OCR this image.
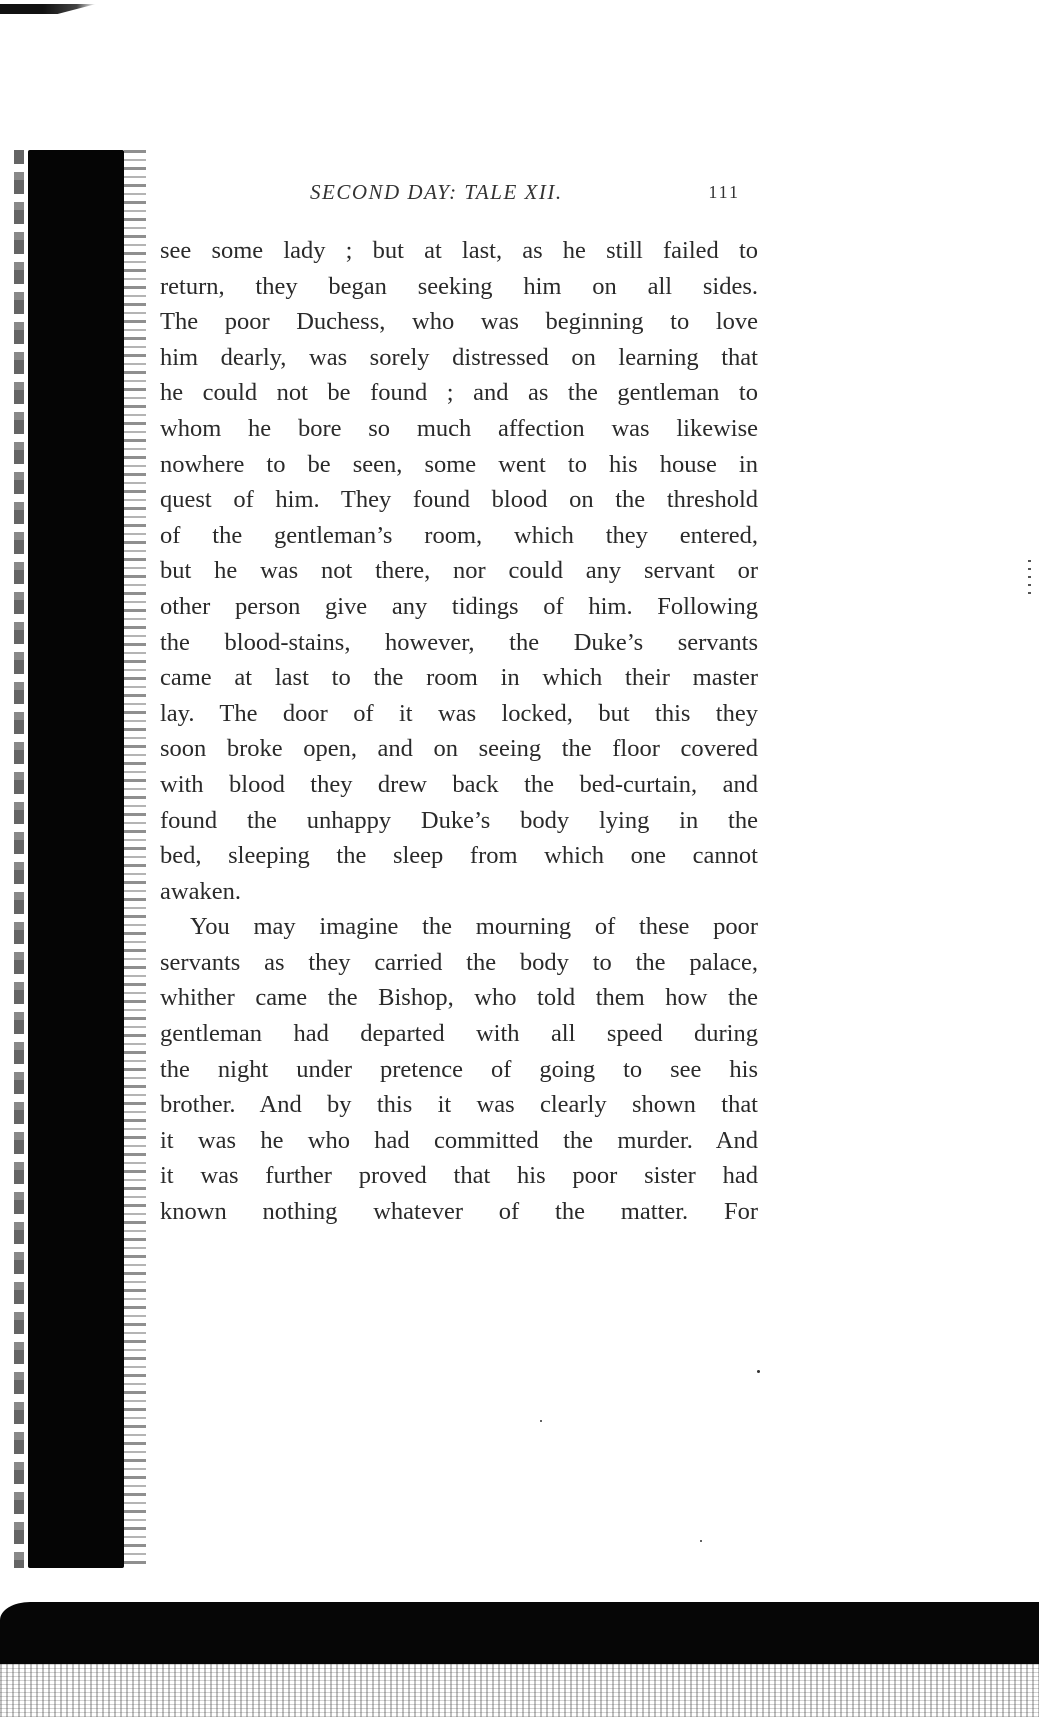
SECOND DAY: TALE XII.	111

see some lady ; but at last, as he still failed to
return, they began seeking him on all sides.
The poor Duchess, who was beginning to love
him dearly, was sorely distressed on learning that
he could not be found ; and as the gentleman to
whom he bore so much affection was likewise
nowhere to be seen, some went to his house in
quest of him. They found blood on the threshold
of the gentleman’s room, which they entered,
but he was not there, nor could any servant or
other person give any tidings of him. Following
the blood-stains, however, the Duke’s servants
came at last to the room in which their master
lay. The door of it was locked, but this they
soon broke open, and on seeing the floor covered
with blood they drew back the bed-curtain, and
found the unhappy Duke’s body lying in the
bed, sleeping the sleep from which one cannot
awaken.

You may imagine the mourning of these poor
servants as they carried the body to the palace,
whither came the Bishop, who told them how the
gentleman had departed with all speed during
the night under pretence of going to see his
brother. And by this it was clearly shown that
it was he who had committed the murder. And
it was further proved that his poor sister had
known nothing whatever of the matter. For
